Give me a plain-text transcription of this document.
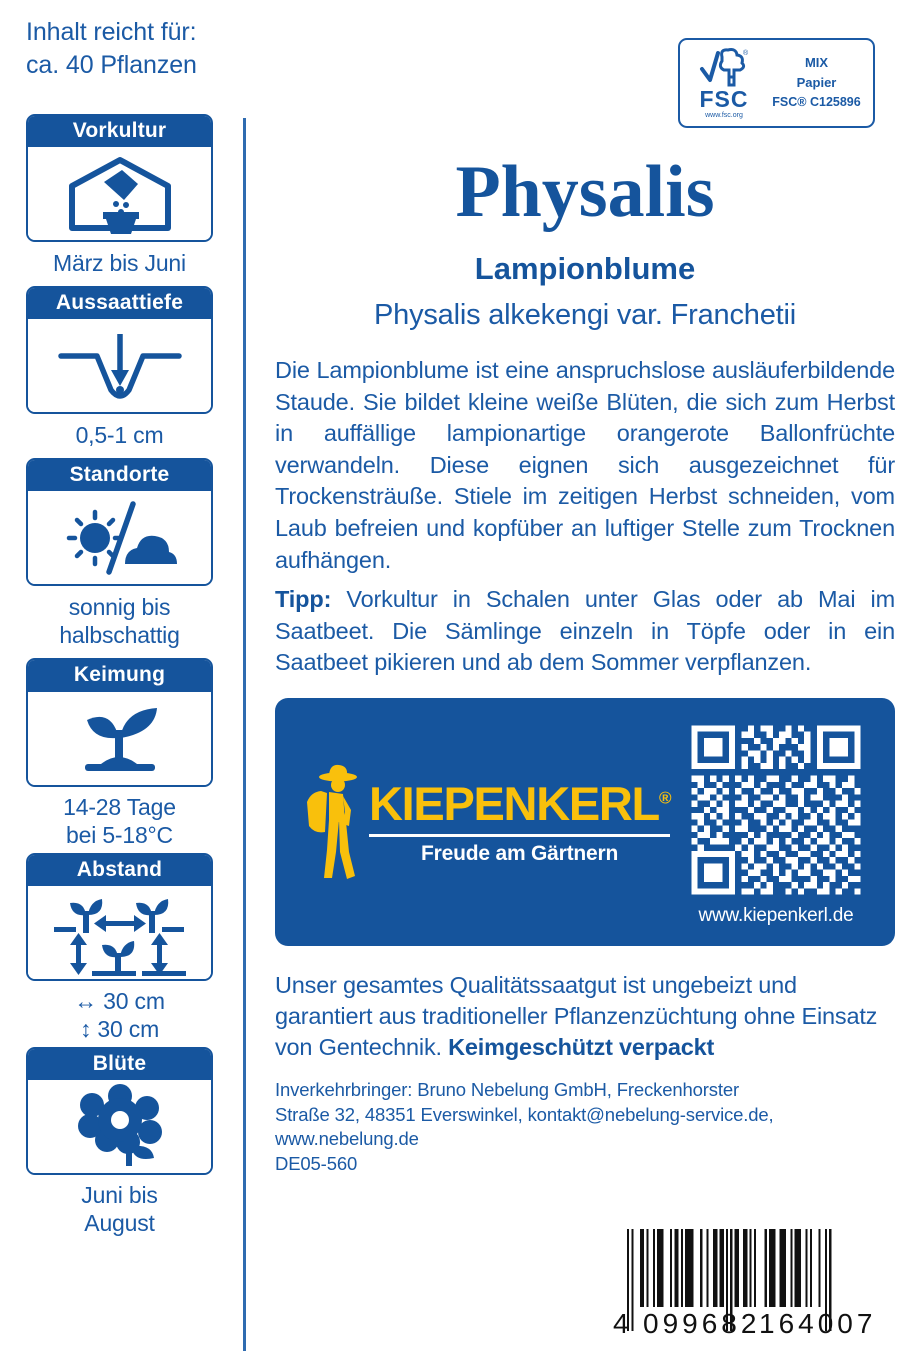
Inhalt reicht für:
ca. 40 Pflanzen
Vorkultur
März bis Juni
Aussaattiefe
0,5-1 cm
Standorte
sonnig bis
halbschattig
Keimung
14-28 Tage
bei 5-18°C
Abstand
↔ 30 cm
↕ 30 cm
Blüte
Juni bis
August
®
FSC
www.fsc.org
MIX
Papier
FSC® C125896
Physalis
Lampionblume
Physalis alkekengi var. Franchetii
Die Lampionblume ist eine anspruchslose ausläuferbildende Staude. Sie bildet kleine weiße Blüten, die sich zum Herbst in auffällige lampionartige orangerote Ballonfrüchte verwandeln. Diese eignen sich ausgezeichnet für Trockensträuße. Stiele im zeitigen Herbst schneiden, vom Laub befreien und kopfüber an luftiger Stelle zum Trocknen aufhängen.
Tipp: Vorkultur in Schalen unter Glas oder ab Mai im Saatbeet. Die Sämlinge einzeln in Töpfe oder in ein Saatbeet pikieren und ab dem Sommer verpflanzen.
KIEPENKERL®
Freude am Gärtnern
www.kiepenkerl.de
Unser gesamtes Qualitätssaatgut ist ungebeizt und garantiert aus traditioneller Pflanzenzüchtung ohne Einsatz von Gentechnik. Keimgeschützt verpackt
Inverkehrbringer: Bruno Nebelung GmbH, Freckenhorster
Straße 32, 48351 Everswinkel, kontakt@nebelung-service.de,
www.nebelung.de
DE05-560
4 099682
164007
